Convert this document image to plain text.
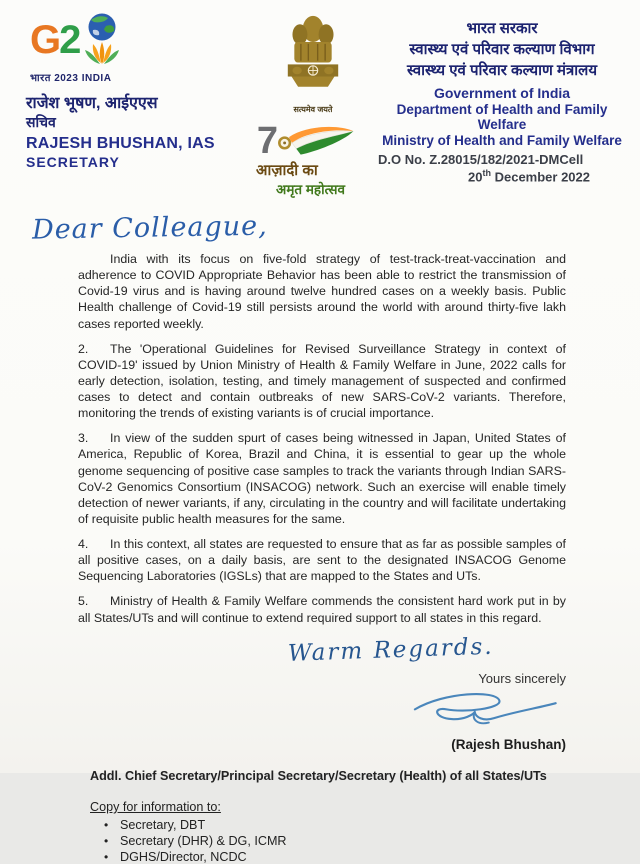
G 2
भारत 2023 INDIA
राजेश भूषण, आईएएस
सचिव
RAJESH BHUSHAN, IAS
SECRETARY
सत्यमेव जयते
7
आज़ादी का
अमृत महोत्सव
भारत सरकार
स्वास्थ्य एवं परिवार कल्याण विभाग
स्वास्थ्य एवं परिवार कल्याण मंत्रालय
Government of India
Department of Health and Family Welfare
Ministry of Health and Family Welfare
D.O No. Z.28015/182/2021-DMCell
20th December 2022
Dear Colleague,

India with its focus on five-fold strategy of test-track-treat-vaccination and adherence to COVID Appropriate Behavior has been able to restrict the transmission of Covid-19 virus and is having around twelve hundred cases on a weekly basis. Public Health challenge of Covid-19 still persists around the world with around thirty-five lakh cases reported weekly.

2. The 'Operational Guidelines for Revised Surveillance Strategy in context of COVID-19' issued by Union Ministry of Health & Family Welfare in June, 2022 calls for early detection, isolation, testing, and timely management of suspected and confirmed cases to detect and contain outbreaks of new SARS-CoV-2 variants. Therefore, monitoring the trends of existing variants is of crucial importance.

3. In view of the sudden spurt of cases being witnessed in Japan, United States of America, Republic of Korea, Brazil and China, it is essential to gear up the whole genome sequencing of positive case samples to track the variants through Indian SARS-CoV-2 Genomics Consortium (INSACOG) network. Such an exercise will enable timely detection of newer variants, if any, circulating in the country and will facilitate undertaking of requisite public health measures for the same.

4. In this context, all states are requested to ensure that as far as possible samples of all positive cases, on a daily basis, are sent to the designated INSACOG Genome Sequencing Laboratories (IGSLs) that are mapped to the States and UTs.

5. Ministry of Health & Family Welfare commends the consistent hard work put in by all States/UTs and will continue to extend required support to all states in this regard.

Warm Regards.
Yours sincerely
(Rajesh Bhushan)
Addl. Chief Secretary/Principal Secretary/Secretary (Health) of all States/UTs
Copy for information to:
• Secretary, DBT
• Secretary (DHR) & DG, ICMR
• DGHS/Director, NCDC
